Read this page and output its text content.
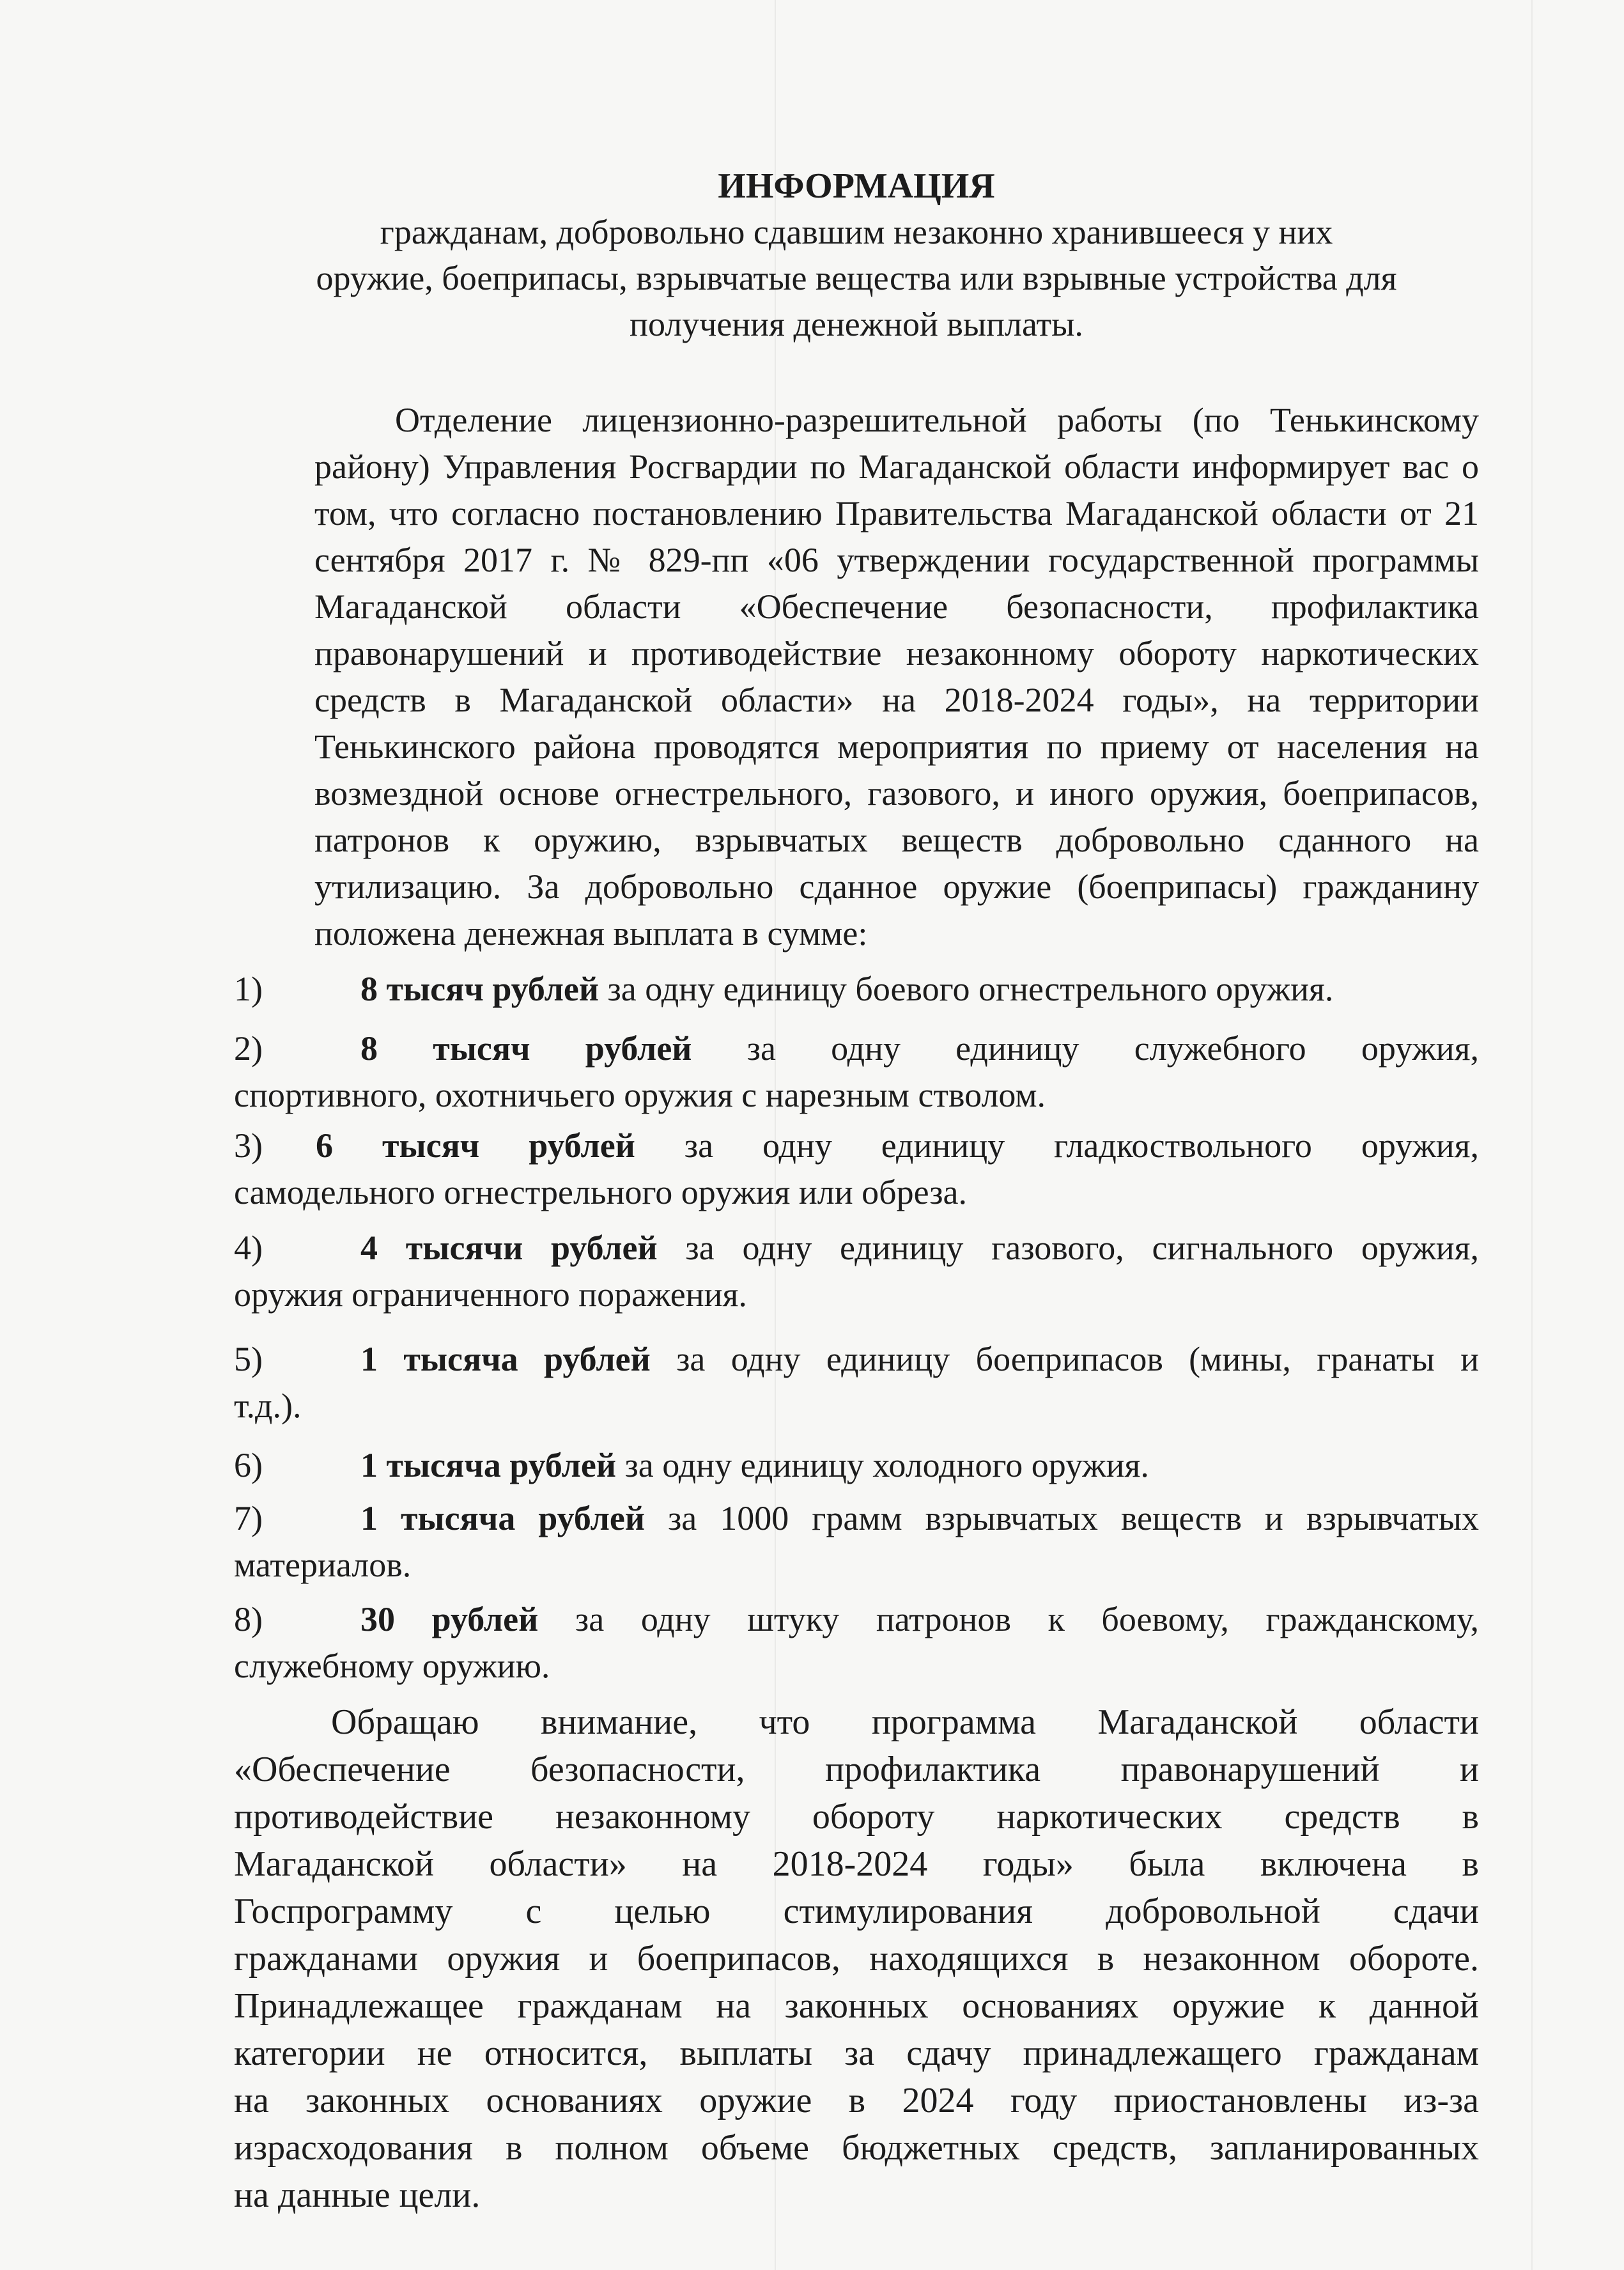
ИНФОРМАЦИЯ

гражданам, добровольно сдавшим незаконно хранившееся у них
оружие, боеприпасы, взрывчатые вещества или взрывные устройства для
получения денежной выплаты.

Отделение лицензионно-разрешительной работы (по Тенькинскому
району) Управления Росгвардии по Магаданской области информирует вас о
том, что согласно постановлению Правительства Магаданской области от 21
сентября 2017 г. № 829-пп «06 утверждении государственной программы
Магаданской области «Обеспечение безопасности, профилактика
правонарушений и противодействие незаконному обороту наркотических
средств в Магаданской области» на 2018-2024 годы», на территории
Тенькинского района проводятся мероприятия по приему от населения на
возмездной основе огнестрельного, газового, и иного оружия, боеприпасов,
патронов к оружию, взрывчатых веществ добровольно сданного на
утилизацию. За добровольно сданное оружие (боеприпасы) гражданину
положена денежная выплата в сумме:
1)	8 тысяч рублей за одну единицу боевого огнестрельного оружия.
2)	8 тысяч рублей за одну единицу служебного оружия,
спортивного, охотничьего оружия с нарезным стволом.
3) 6 тысяч рублей за одну единицу гладкоствольного оружия,
самодельного огнестрельного оружия или обреза.
4)	4 тысячи рублей за одну единицу газового, сигнального оружия,
оружия ограниченного поражения.
5)	1 тысяча рублей за одну единицу боеприпасов (мины, гранаты и
т.д.).
6)	1 тысяча рублей за одну единицу холодного оружия.
7)	1 тысяча рублей за 1000 грамм взрывчатых веществ и взрывчатых
материалов.
8)	30 рублей за одну штуку патронов к боевому, гражданскому,
служебному оружию.
Обращаю внимание, что программа Магаданской области
«Обеспечение безопасности, профилактика правонарушений и
противодействие незаконному обороту наркотических средств в
Магаданской области» на 2018-2024 годы» была включена в
Госпрограмму с целью стимулирования добровольной сдачи
гражданами оружия и боеприпасов, находящихся в незаконном обороте.
Принадлежащее гражданам на законных основаниях оружие к данной
категории не относится, выплаты за сдачу принадлежащего гражданам
на законных основаниях оружие в 2024 году приостановлены из-за
израсходования в полном объеме бюджетных средств, запланированных
на данные цели.
